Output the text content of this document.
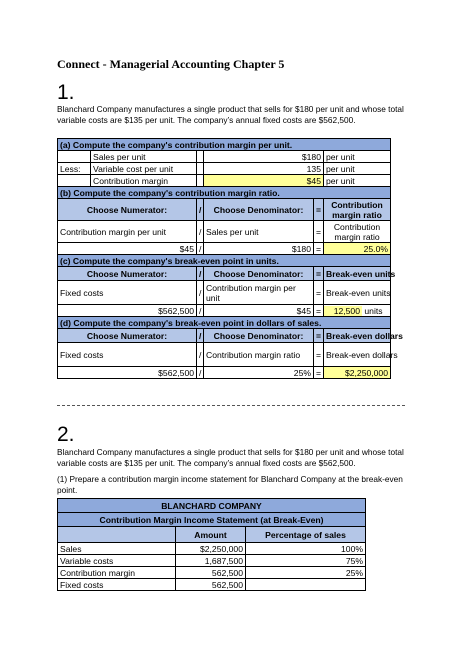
Connect - Managerial Accounting Chapter 5
1.
Blanchard Company manufactures a single product that sells for $180 per unit and whose total variable costs are $135 per unit. The company’s annual fixed costs are $562,500.
(a) Compute the company's contribution margin per unit.					
	Sales per unit		$180		per unit
Less:	Variable cost per unit		135		per unit
	Contribution margin		$45		per unit
(b) Compute the company's contribution margin ratio.					
Choose Numerator:		/	Choose Denominator:	=	Contribution margin ratio
Contribution margin per unit		/	Sales per unit	=	Contribution margin ratio
$45		/	$180	=	25.0%
(c) Compute the company's break-even point in units.					
Choose Numerator:		/	Choose Denominator:	=	Break-even units
Fixed costs		/	Contribution margin per unit	=	Break-even units
$562,500		/	$45	=	12,500 units
(d) Compute the company's break-even point in dollars of sales.					
Choose Numerator:		/	Choose Denominator:	=	Break-even dollars
Fixed costs		/	Contribution margin ratio	=	Break-even dollars
$562,500		/	25%	=	$2,250,000
2.
Blanchard Company manufactures a single product that sells for $180 per unit and whose total variable costs are $135 per unit. The company’s annual fixed costs are $562,500.
(1) Prepare a contribution margin income statement for Blanchard Company at the break-even point.
BLANCHARD COMPANY		
Contribution Margin Income Statement (at Break-Even)		
	Amount	Percentage of sales
Sales	$2,250,000	100%
Variable costs	1,687,500	75%
Contribution margin	562,500	25%
Fixed costs	562,500	
